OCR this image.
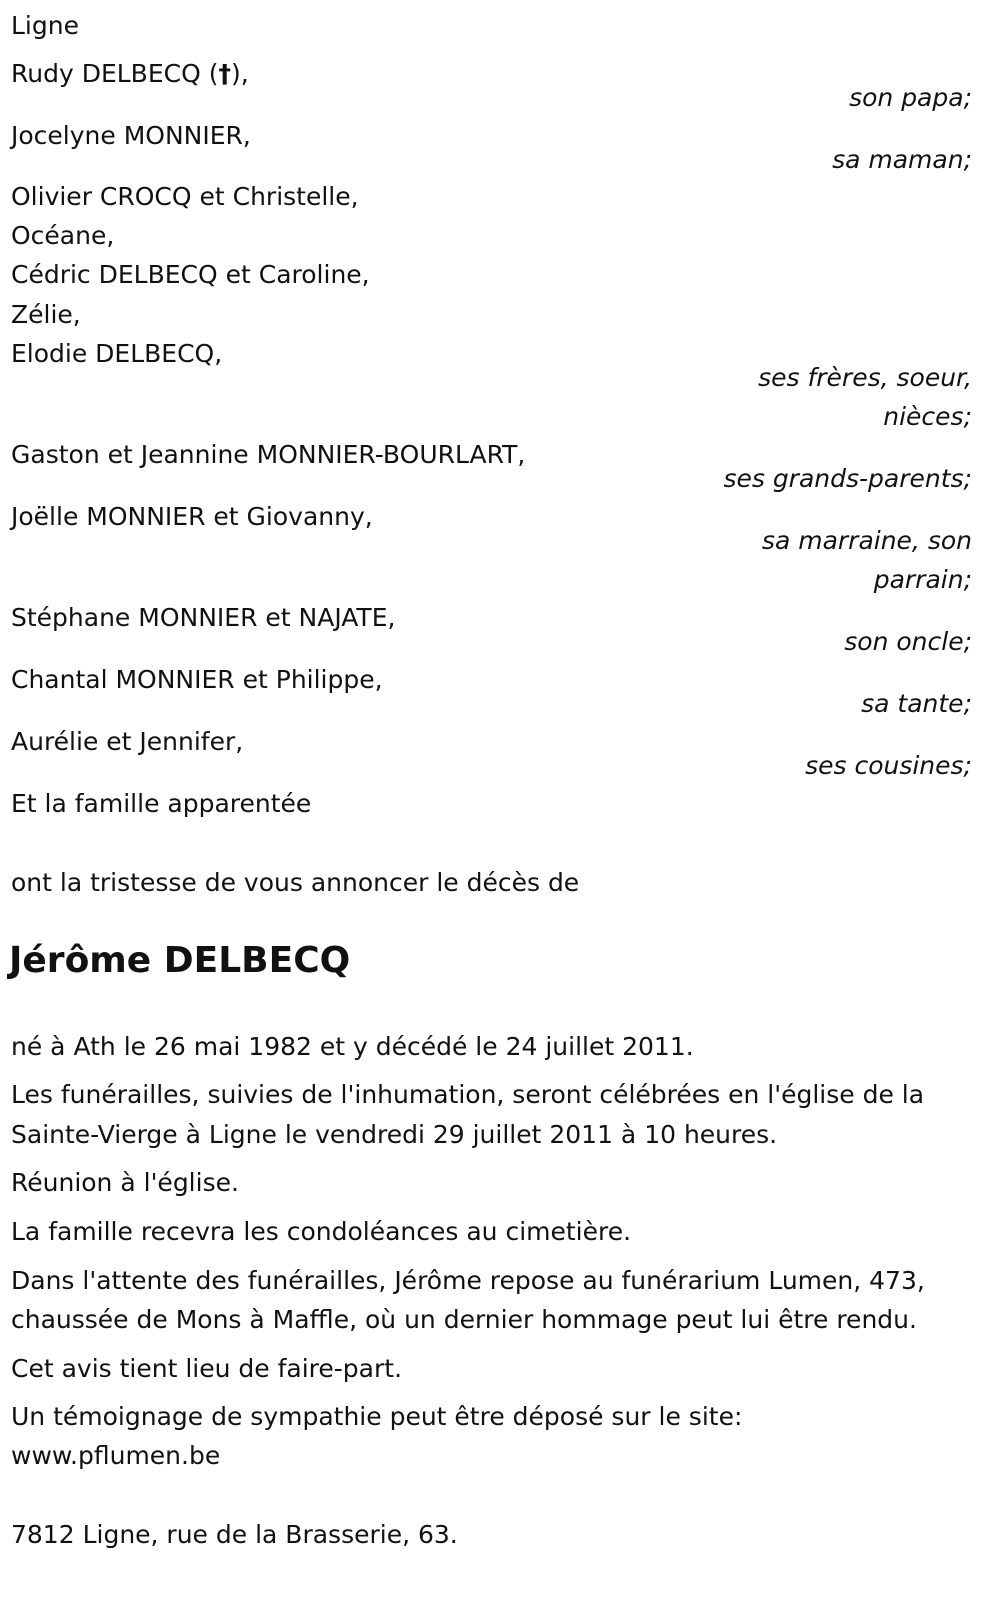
Ligne
Rudy DELBECQ (†),
son papa;
Jocelyne MONNIER,
sa maman;
Olivier CROCQ et Christelle,
Océane,
Cédric DELBECQ et Caroline,
Zélie,
Elodie DELBECQ,
ses frères, soeur,
nièces;
Gaston et Jeannine MONNIER-BOURLART,
ses grands-parents;
Joëlle MONNIER et Giovanny,
sa marraine, son
parrain;
Stéphane MONNIER et NAJATE,
son oncle;
Chantal MONNIER et Philippe,
sa tante;
Aurélie et Jennifer,
ses cousines;
Et la famille apparentée
ont la tristesse de vous annoncer le décès de
Jérôme DELBECQ
né à Ath le 26 mai 1982 et y décédé le 24 juillet 2011.
Les funérailles, suivies de l'inhumation, seront célébrées en l'église de la
Sainte-Vierge à Ligne le vendredi 29 juillet 2011 à 10 heures.
Réunion à l'église.
La famille recevra les condoléances au cimetière.
Dans l'attente des funérailles, Jérôme repose au funérarium Lumen, 473,
chaussée de Mons à Maffle, où un dernier hommage peut lui être rendu.
Cet avis tient lieu de faire-part.
Un témoignage de sympathie peut être déposé sur le site:
www.pflumen.be
7812 Ligne, rue de la Brasserie, 63.
